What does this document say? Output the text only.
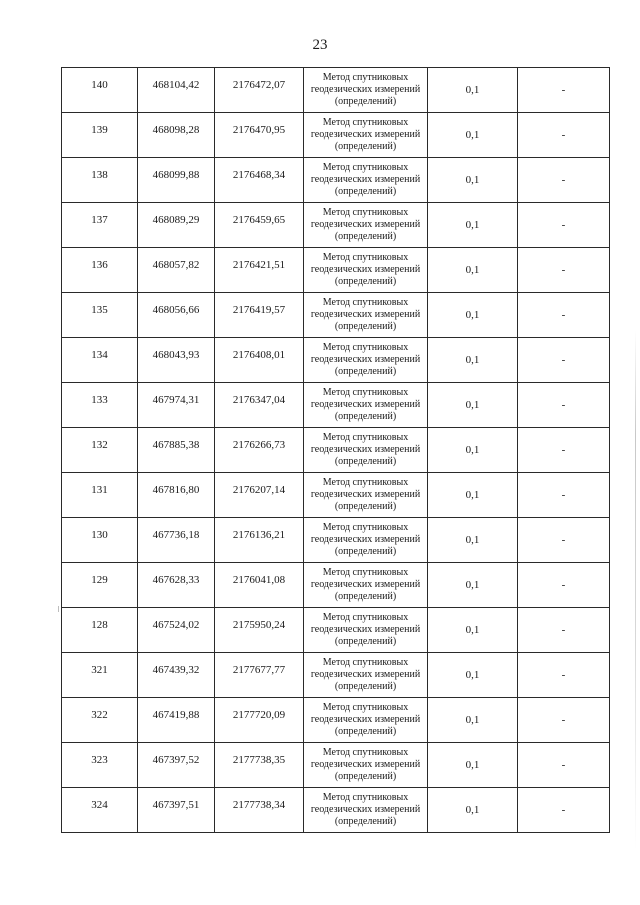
23
140	468104,42	2176472,07	Метод спутниковых
геодезических измерений
(определений)	0,1	-
139	468098,28	2176470,95	Метод спутниковых
геодезических измерений
(определений)	0,1	-
138	468099,88	2176468,34	Метод спутниковых
геодезических измерений
(определений)	0,1	-
137	468089,29	2176459,65	Метод спутниковых
геодезических измерений
(определений)	0,1	-
136	468057,82	2176421,51	Метод спутниковых
геодезических измерений
(определений)	0,1	-
135	468056,66	2176419,57	Метод спутниковых
геодезических измерений
(определений)	0,1	-
134	468043,93	2176408,01	Метод спутниковых
геодезических измерений
(определений)	0,1	-
133	467974,31	2176347,04	Метод спутниковых
геодезических измерений
(определений)	0,1	-
132	467885,38	2176266,73	Метод спутниковых
геодезических измерений
(определений)	0,1	-
131	467816,80	2176207,14	Метод спутниковых
геодезических измерений
(определений)	0,1	-
130	467736,18	2176136,21	Метод спутниковых
геодезических измерений
(определений)	0,1	-
129	467628,33	2176041,08	Метод спутниковых
геодезических измерений
(определений)	0,1	-
128	467524,02	2175950,24	Метод спутниковых
геодезических измерений
(определений)	0,1	-
321	467439,32	2177677,77	Метод спутниковых
геодезических измерений
(определений)	0,1	-
322	467419,88	2177720,09	Метод спутниковых
геодезических измерений
(определений)	0,1	-
323	467397,52	2177738,35	Метод спутниковых
геодезических измерений
(определений)	0,1	-
324	467397,51	2177738,34	Метод спутниковых
геодезических измерений
(определений)	0,1	-
